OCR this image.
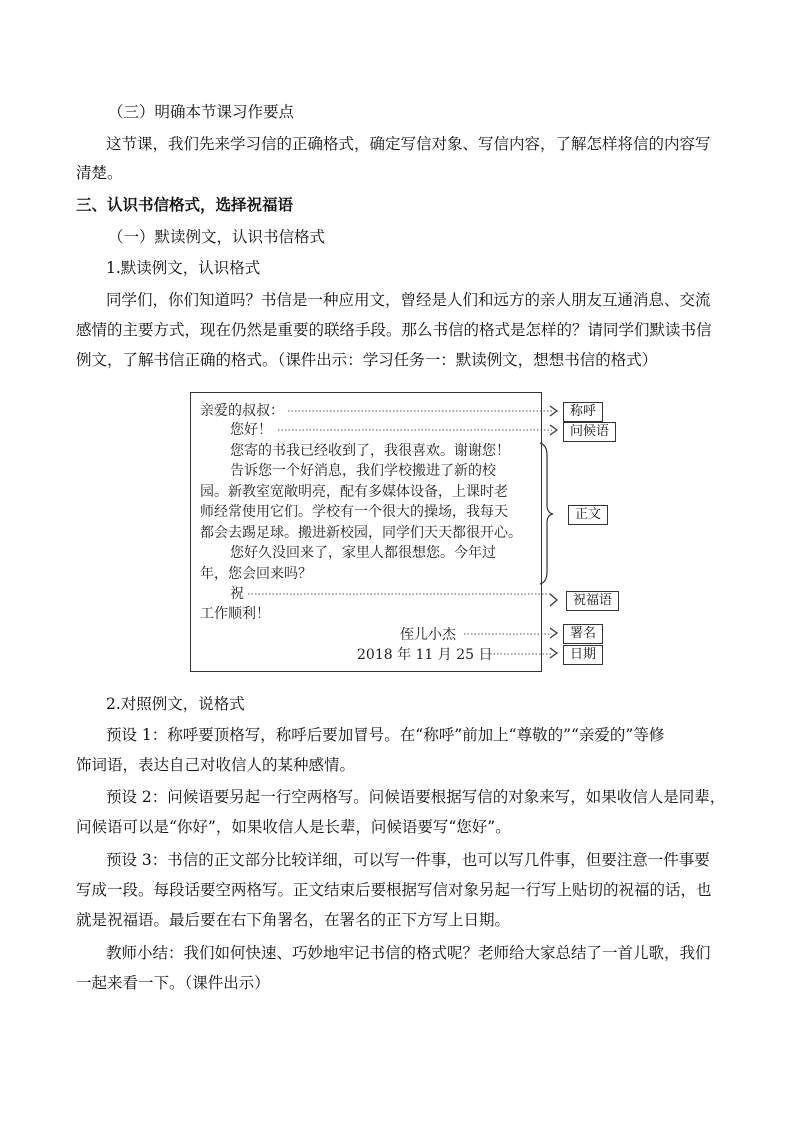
（三）明确本节课习作要点
这节课，我们先来学习信的正确格式，确定写信对象、写信内容，了解怎样将信的内容写
清楚。
三、认识书信格式，选择祝福语
（一）默读例文，认识书信格式
1.默读例文，认识格式
同学们，你们知道吗？书信是一种应用文，曾经是人们和远方的亲人朋友互通消息、交流
感情的主要方式，现在仍然是重要的联络手段。那么书信的格式是怎样的？请同学们默读书信
例文，了解书信正确的格式。（课件出示：学习任务一：默读例文，想想书信的格式）
亲爱的叔叔：
您好！
您寄的书我已经收到了，我很喜欢。谢谢您！
告诉您一个好消息，我们学校搬进了新的校
园。新教室宽敞明亮，配有多媒体设备，上课时老
师经常使用它们。学校有一个很大的操场，我每天
都会去踢足球。搬进新校园，同学们天天都很开心。
您好久没回来了，家里人都很想您。今年过
年，您会回来吗？
祝
工作顺利！
侄儿小杰
2018 年 11 月 25 日
称呼
问候语
正文
祝福语
署名
日期
2.对照例文，说格式
预设 1：称呼要顶格写，称呼后要加冒号。在“称呼”前加上“尊敬的”“亲爱的”等修
饰词语，表达自己对收信人的某种感情。
预设 2：问候语要另起一行空两格写。问候语要根据写信的对象来写，如果收信人是同辈，
问候语可以是“你好”，如果收信人是长辈，问候语要写“您好”。
预设 3：书信的正文部分比较详细，可以写一件事，也可以写几件事，但要注意一件事要
写成一段。每段话要空两格写。正文结束后要根据写信对象另起一行写上贴切的祝福的话，也
就是祝福语。最后要在右下角署名，在署名的正下方写上日期。
教师小结：我们如何快速、巧妙地牢记书信的格式呢？老师给大家总结了一首儿歌，我们
一起来看一下。（课件出示）
